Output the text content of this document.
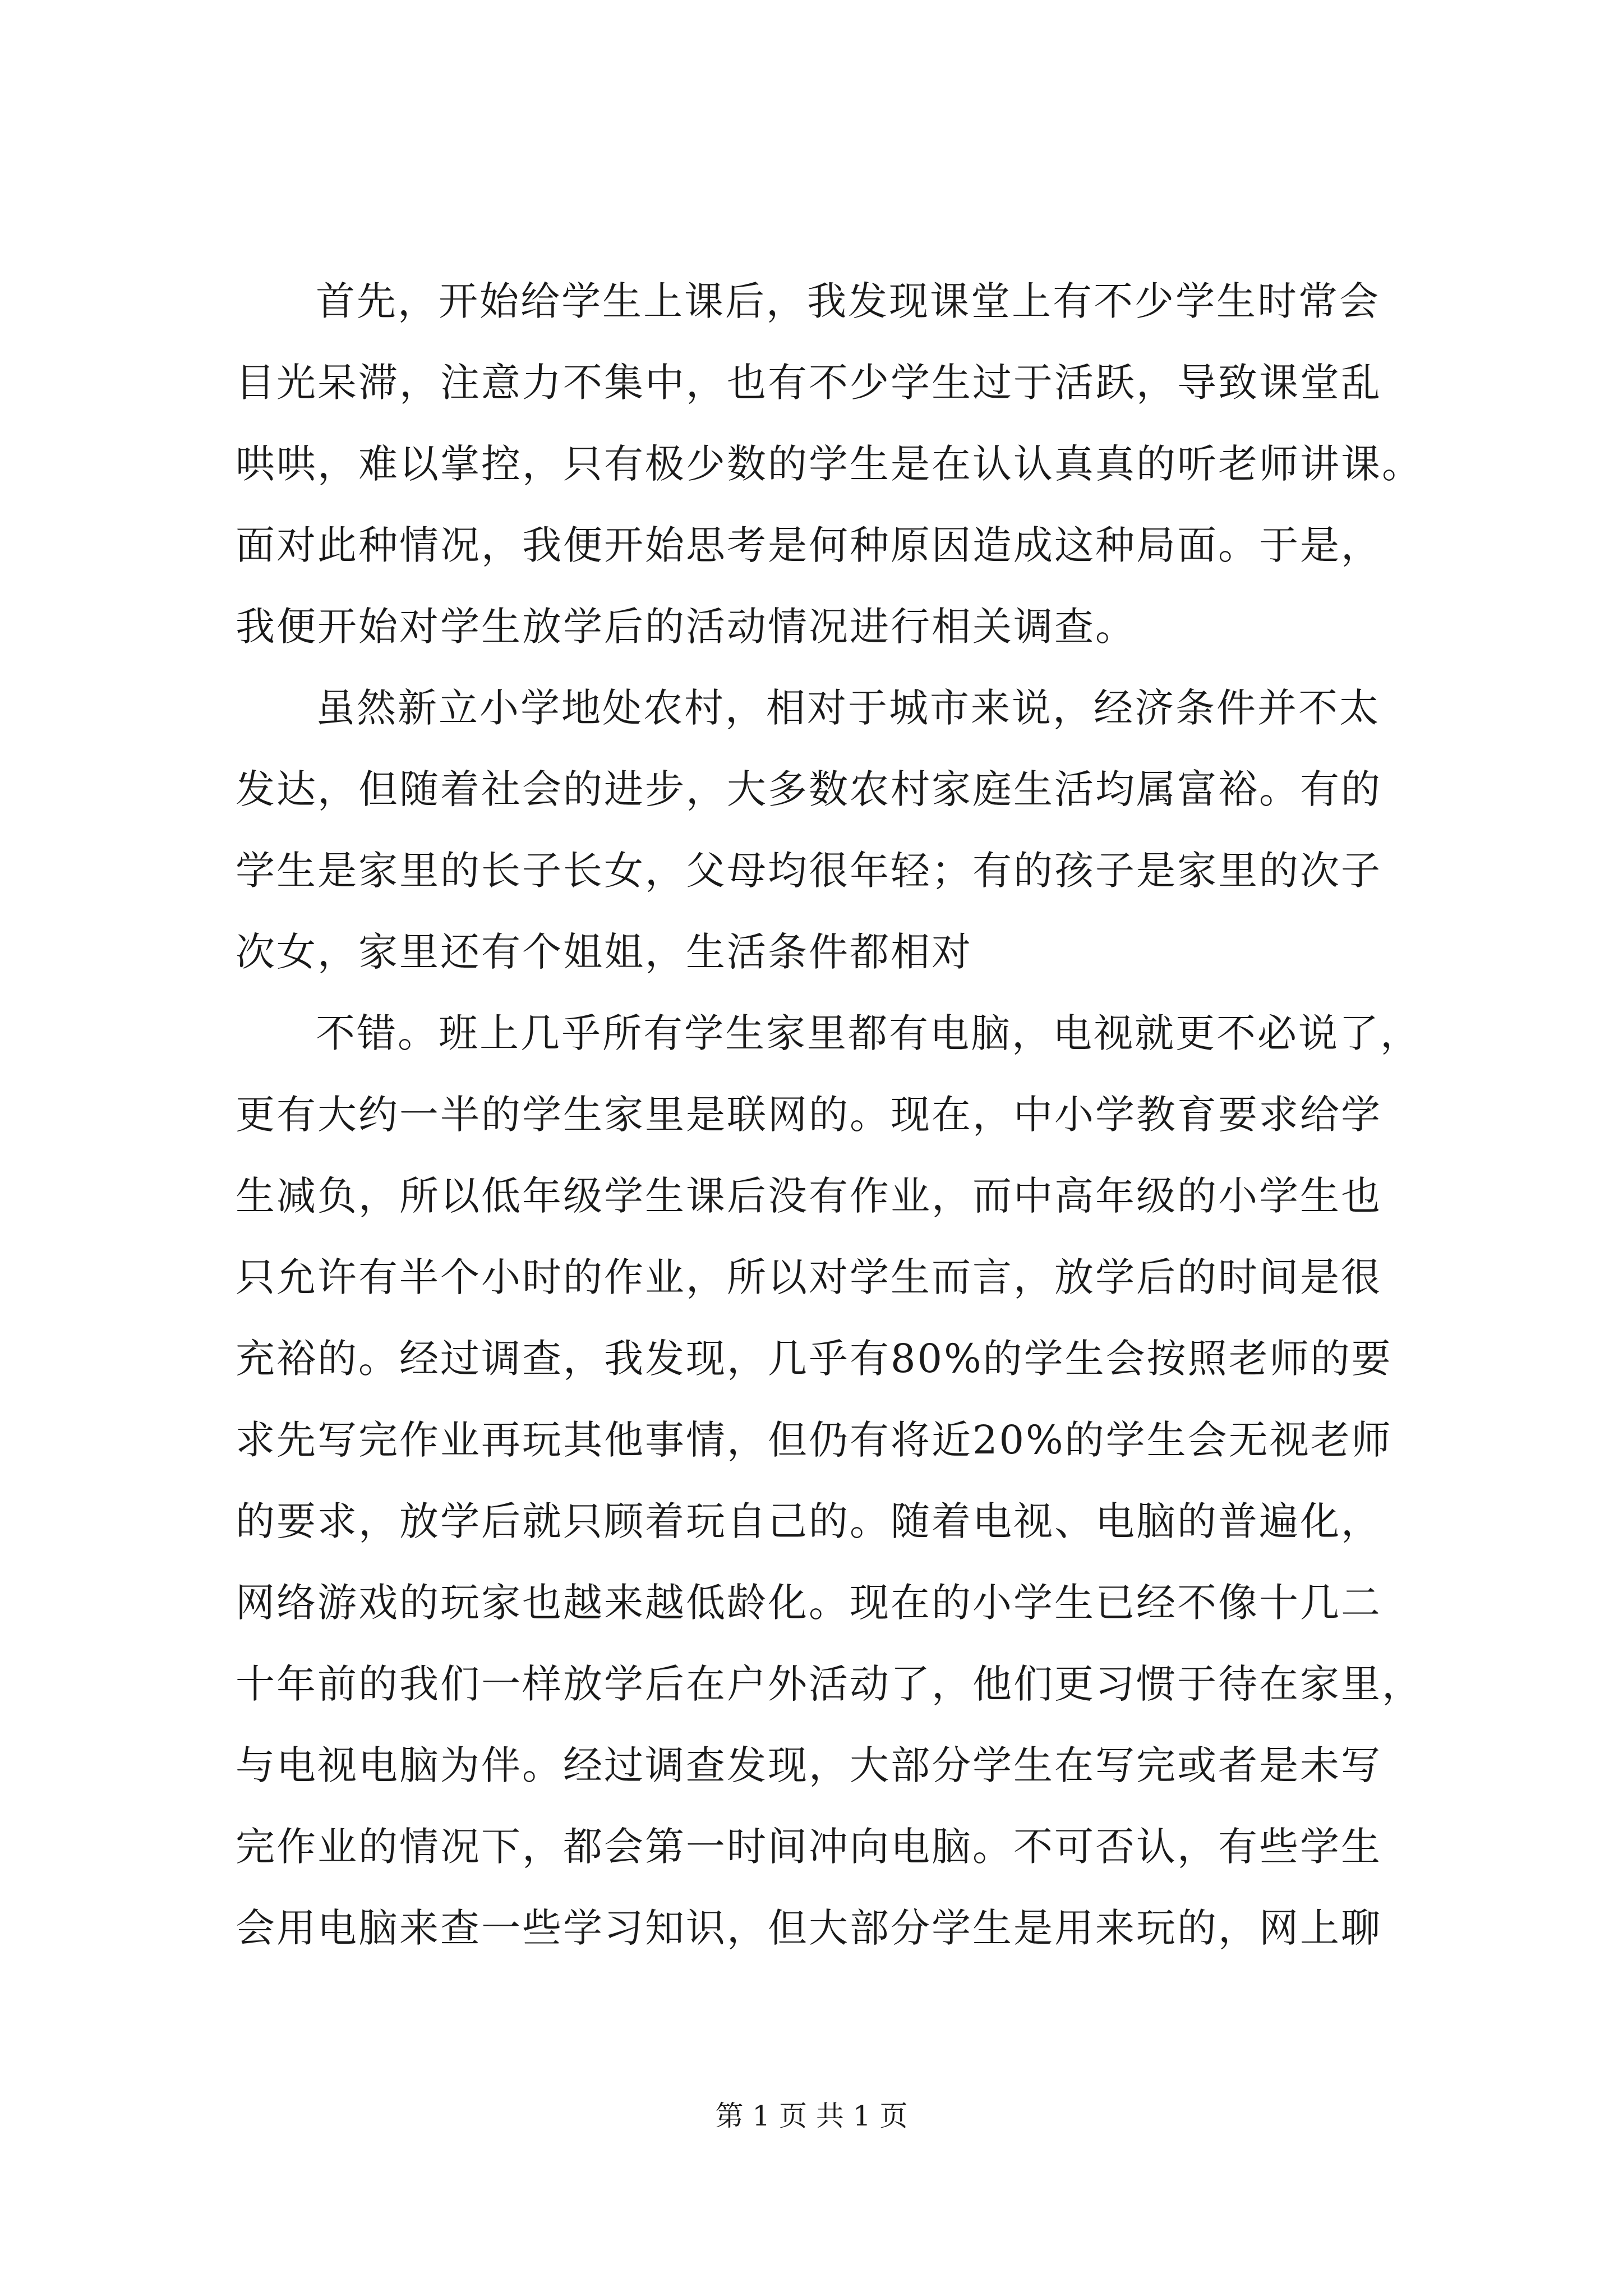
首先，开始给学生上课后，我发现课堂上有不少学生时常会
目光呆滞，注意力不集中，也有不少学生过于活跃，导致课堂乱
哄哄，难以掌控，只有极少数的学生是在认认真真的听老师讲课。
面对此种情况，我便开始思考是何种原因造成这种局面。于是，
我便开始对学生放学后的活动情况进行相关调查。

虽然新立小学地处农村，相对于城市来说，经济条件并不太
发达，但随着社会的进步，大多数农村家庭生活均属富裕。有的
学生是家里的长子长女，父母均很年轻；有的孩子是家里的次子
次女，家里还有个姐姐，生活条件都相对

不错。班上几乎所有学生家里都有电脑，电视就更不必说了，
更有大约一半的学生家里是联网的。现在，中小学教育要求给学
生减负，所以低年级学生课后没有作业，而中高年级的小学生也
只允许有半个小时的作业，所以对学生而言，放学后的时间是很
充裕的。经过调查，我发现，几乎有80%的学生会按照老师的要
求先写完作业再玩其他事情，但仍有将近20%的学生会无视老师
的要求，放学后就只顾着玩自己的。随着电视、电脑的普遍化，
网络游戏的玩家也越来越低龄化。现在的小学生已经不像十几二
十年前的我们一样放学后在户外活动了，他们更习惯于待在家里，
与电视电脑为伴。经过调查发现，大部分学生在写完或者是未写
完作业的情况下，都会第一时间冲向电脑。不可否认，有些学生
会用电脑来查一些学习知识，但大部分学生是用来玩的，网上聊

第 1 页 共 1 页
